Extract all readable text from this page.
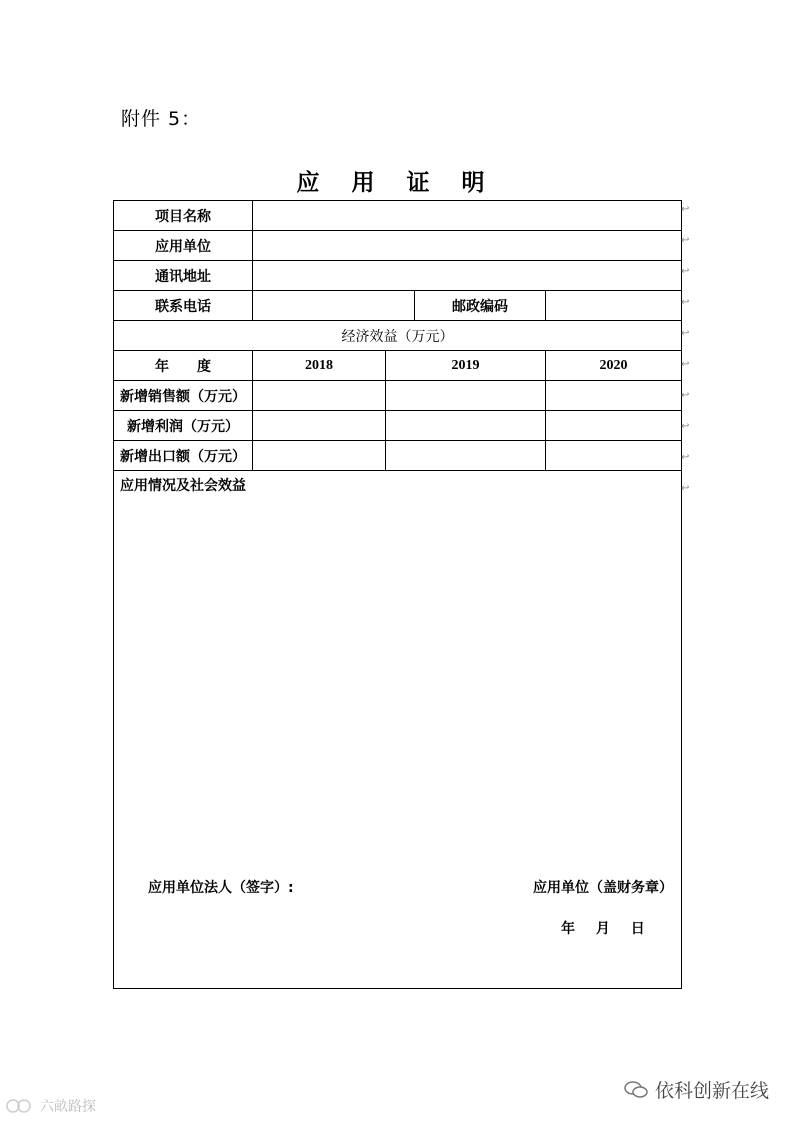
附件 5：
应 用 证 明
项目名称				
应用单位				
通讯地址				
联系电话			邮政编码	
经济效益（万元）				
年　　度	2018	2019		2020
新增销售额（万元）				
新增利润（万元）				
新增出口额（万元）				
应用情况及社会效益				
应用单位法人（签字）:	应用单位（盖财务章）
年 月 日
↩
↩
↩
↩
↩
↩
↩
↩
↩
↩
依科创新在线
六畝路探
